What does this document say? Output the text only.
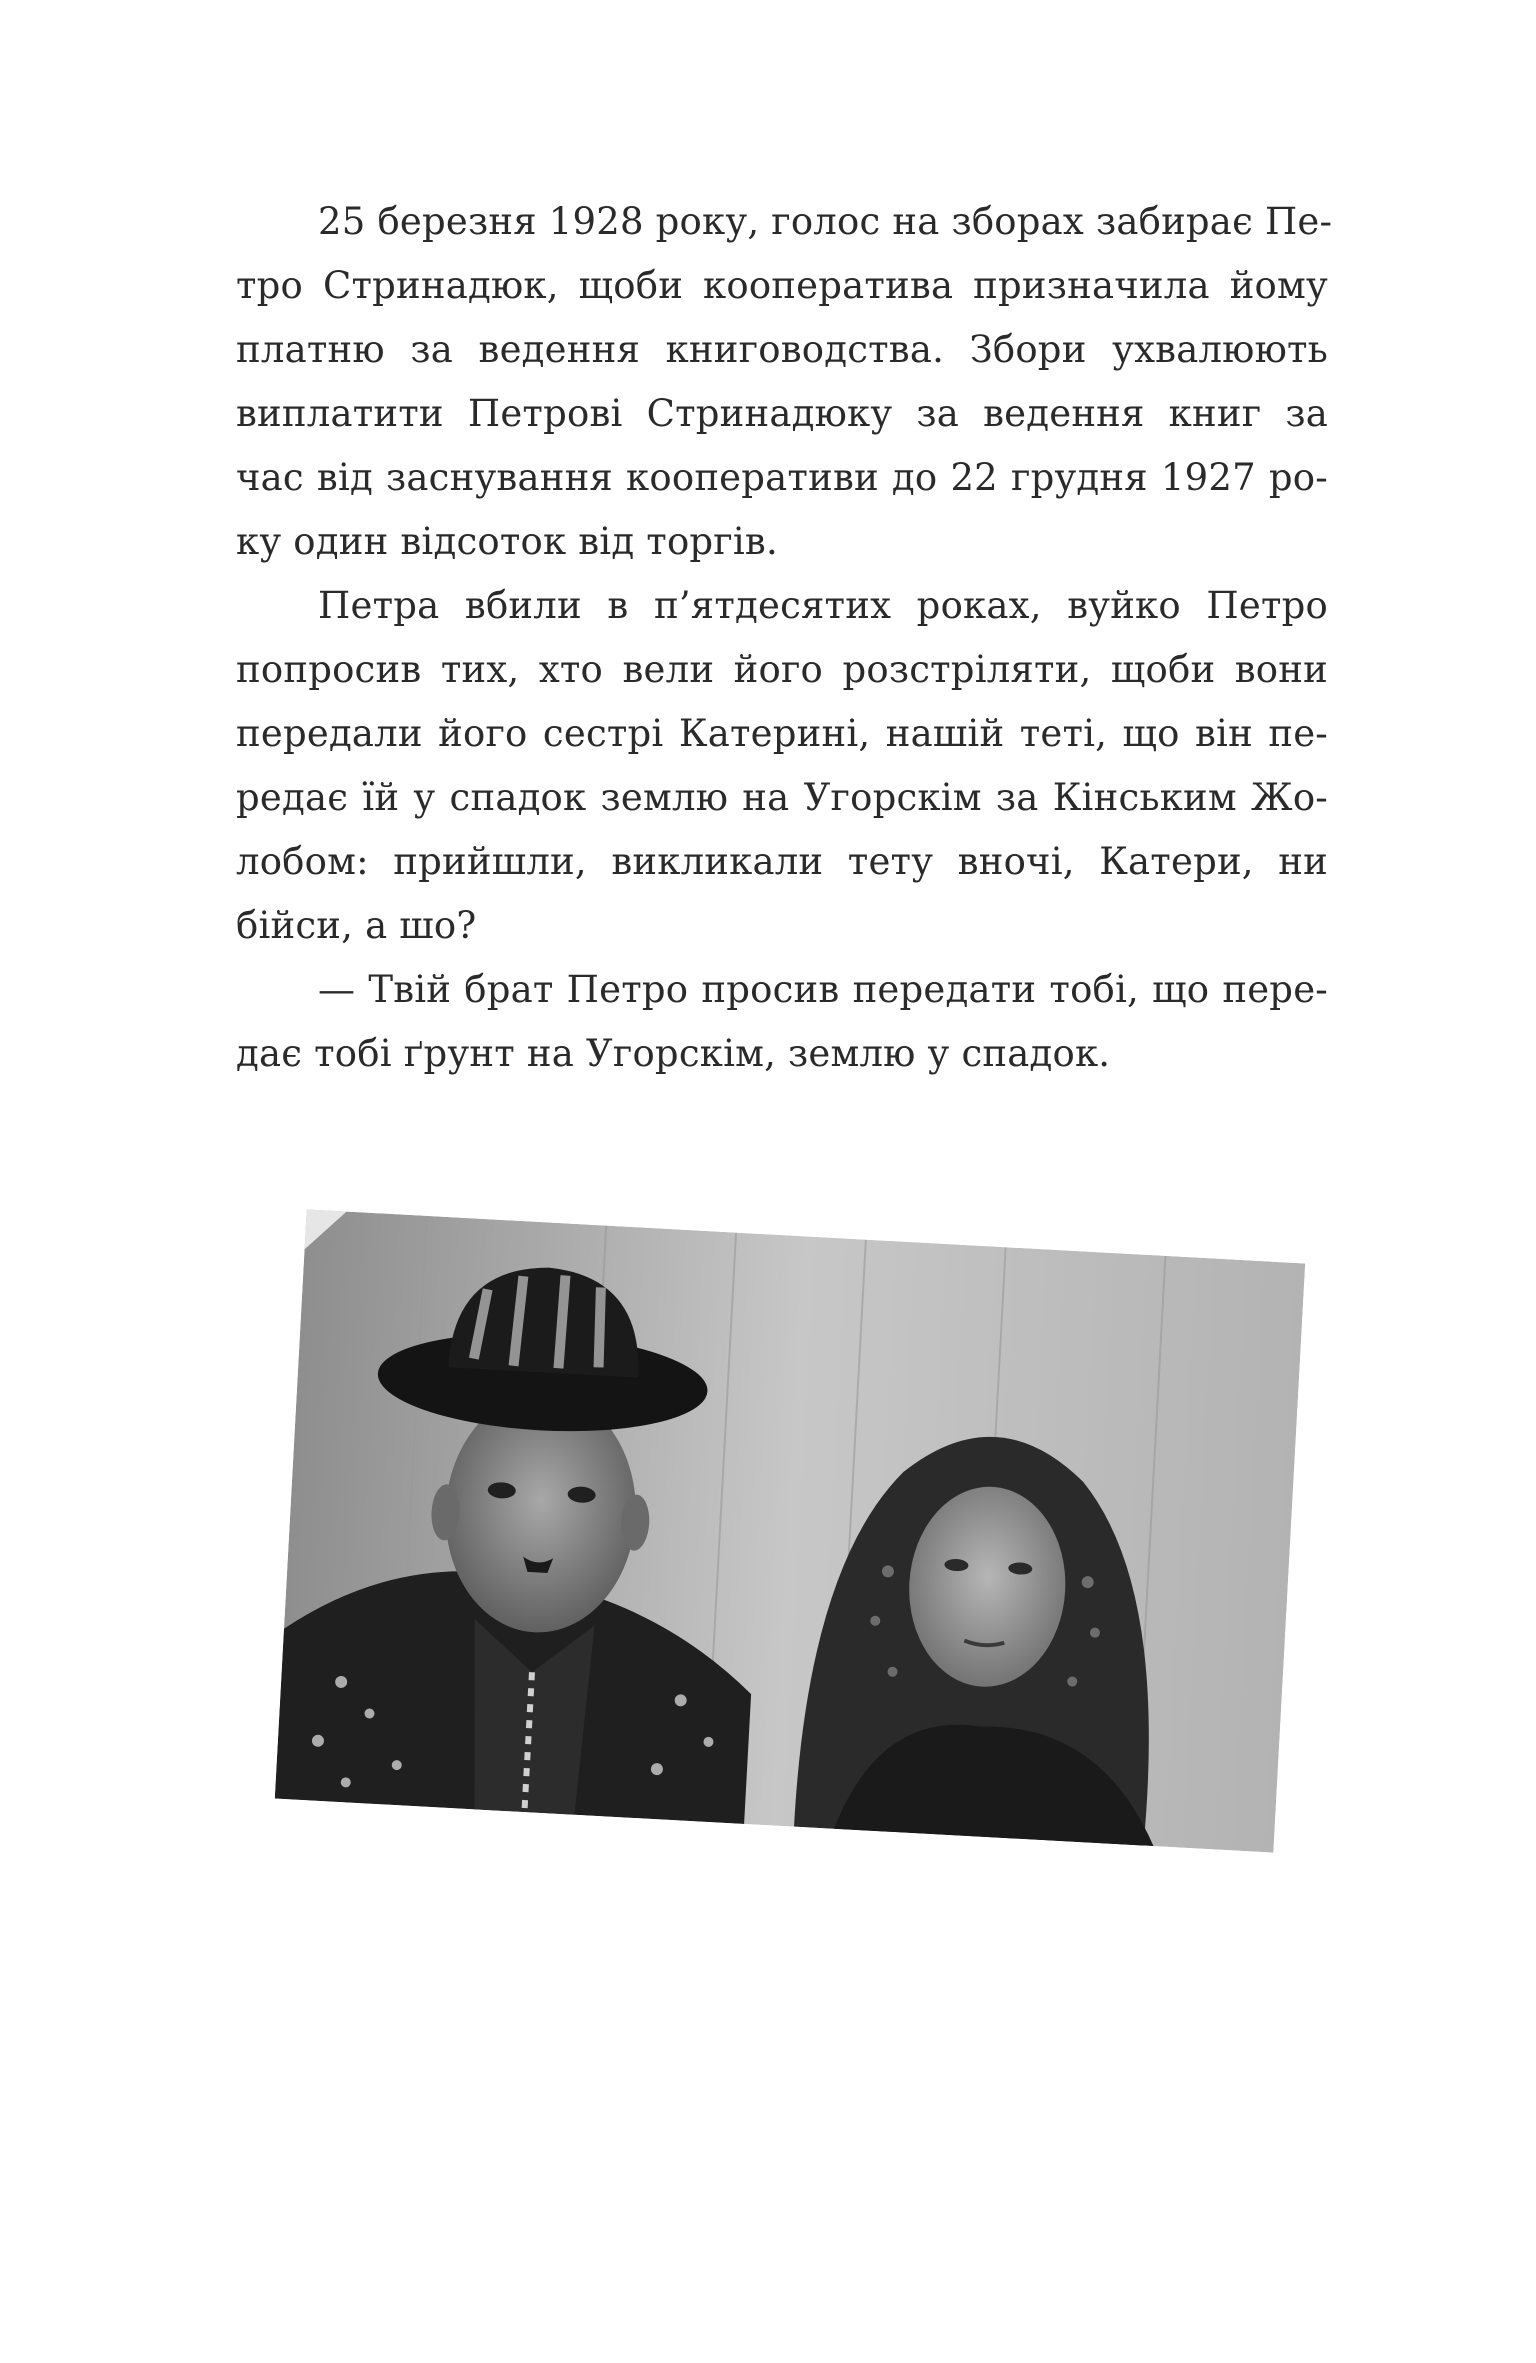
25 березня 1928 року, голос на зборах забирає Пе-
тро Стринадюк, щоби кооператива призначила йому
платню за ведення книговодства. Збори ухвалюють
виплатити Петрові Стринадюку за ведення книг за
час від заснування кооперативи до 22 грудня 1927 ро-
ку один відсоток від торгів.

Петра вбили в п’ятдесятих роках, вуйко Петро
попросив тих, хто вели його розстріляти, щоби вони
передали його сестрі Катерині, нашій теті, що він пе-
редає їй у спадок землю на Угорскім за Кінським Жо-
лобом: прийшли, викликали тету вночі, Катери, ни
бійси, а шо?

— Твій брат Петро просив передати тобі, що пере-
дає тобі ґрунт на Угорскім, землю у спадок.
